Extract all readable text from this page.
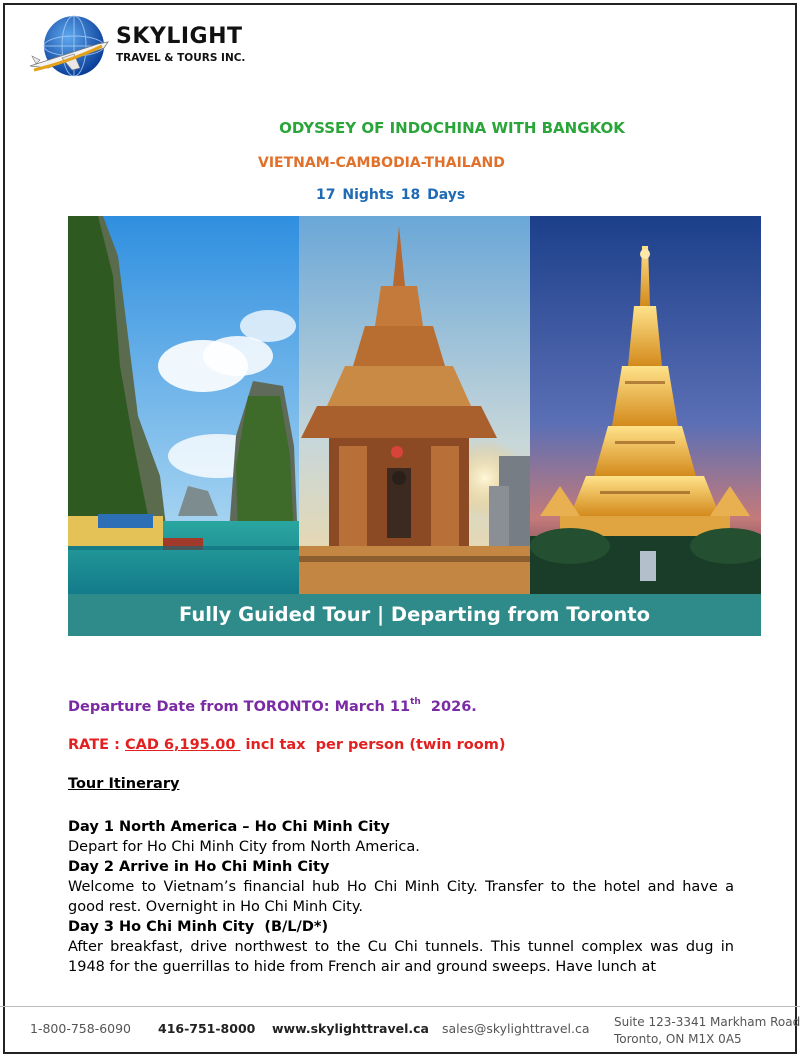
SKYLIGHT
TRAVEL & TOURS INC.
ODYSSEY OF INDOCHINA WITH BANGKOK
VIETNAM-CAMBODIA-THAILAND
17 Nights 18 Days
Fully Guided Tour | Departing from Toronto
Departure Date from TORONTO: March 11th  2026.
RATE : CAD 6,195.00  incl tax  per person (twin room)
Tour Itinerary
Day 1 North America – Ho Chi Minh City
Depart for Ho Chi Minh City from North America.
Day 2 Arrive in Ho Chi Minh City
Welcome to Vietnam’s financial hub Ho Chi Minh City. Transfer to the hotel and have a good rest. Overnight in Ho Chi Minh City.
Day 3 Ho Chi Minh City  (B/L/D*)
After breakfast, drive northwest to the Cu Chi tunnels. This tunnel complex was dug in 1948 for the guerrillas to hide from French air and ground sweeps. Have lunch at
1-800-758-6090 416-751-8000 www.skylighttravel.ca sales@skylighttravel.ca Suite 123-3341 Markham Road
Toronto, ON M1X 0A5
